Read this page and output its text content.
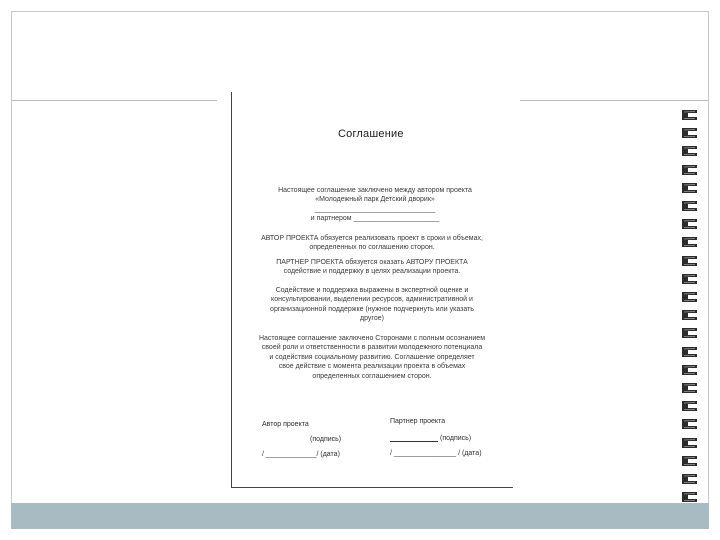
Соглашение
Настоящее соглашение заключено между автором проекта
«Молодежный парк Детский дворик»
_______________________________
и партнером ______________________
АВТОР ПРОЕКТА обязуется реализовать проект в сроки и объемах,
определенных по соглашению сторон.
ПАРТНЕР ПРОЕКТА обязуется оказать АВТОРУ ПРОЕКТА
содействие и поддержку в целях реализации проекта.
Содействие и поддержка выражены в экспертной оценке и
консультировании, выделении ресурсов, административной и
организационной поддержке (нужное подчеркнуть или указать
другое)
Настоящее соглашение заключено Сторонами с полным осознанием
своей роли и ответственности в развитии молодежного потенциала
и содействия социальному развитию. Соглашение определяет
свое действие с момента реализации проекта в объемах
определенных соглашением сторон.
Автор проекта
(подпись)
/ _____________/ (дата)
Партнер проекта
(подпись)
/ ________________ / (дата)
